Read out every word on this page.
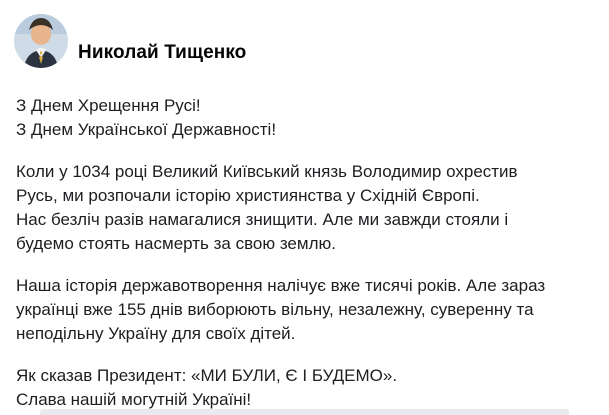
Николай Тищенко

З Днем Хрещення Русі!
З Днем Української Державності!

Коли у 1034 році Великий Київський князь Володимир охрестив
Русь, ми розпочали історію християнства у Східній Європі.
Нас безліч разів намагалися знищити. Але ми завжди стояли і
будемо стоять насмерть за свою землю.

Наша історія державотворення налічує вже тисячі років. Але зараз
українці вже 155 днів виборюють вільну, незалежну, суверенну та
неподільну Україну для своїх дітей.

Як сказав Президент: «МИ БУЛИ, Є І БУДЕМО».
Слава нашій могутній Україні!
